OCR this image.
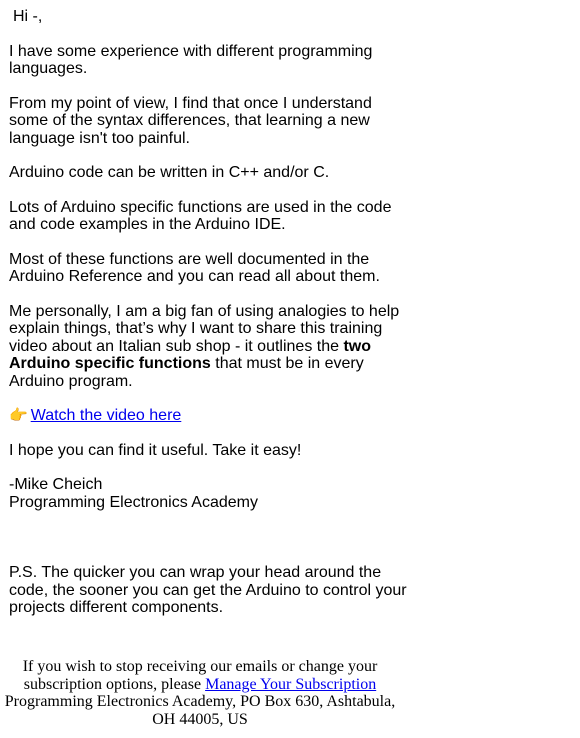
Hi -,

I have some experience with different programming languages.

From my point of view, I find that once I understand some of the syntax differences, that learning a new language isn't too painful.

Arduino code can be written in C++ and/or C.

Lots of Arduino specific functions are used in the code and code examples in the Arduino IDE.

Most of these functions are well documented in the Arduino Reference and you can read all about them.

Me personally, I am a big fan of using analogies to help explain things, that’s why I want to share this training video about an Italian sub shop - it outlines the two Arduino specific functions that must be in every Arduino program.

👉 Watch the video here

I hope you can find it useful. Take it easy!

-Mike Cheich
Programming Electronics Academy

P.S. The quicker you can wrap your head around the code, the sooner you can get the Arduino to control your projects different components.

If you wish to stop receiving our emails or change your subscription options, please Manage Your Subscription
Programming Electronics Academy, PO Box 630, Ashtabula, OH 44005, US
